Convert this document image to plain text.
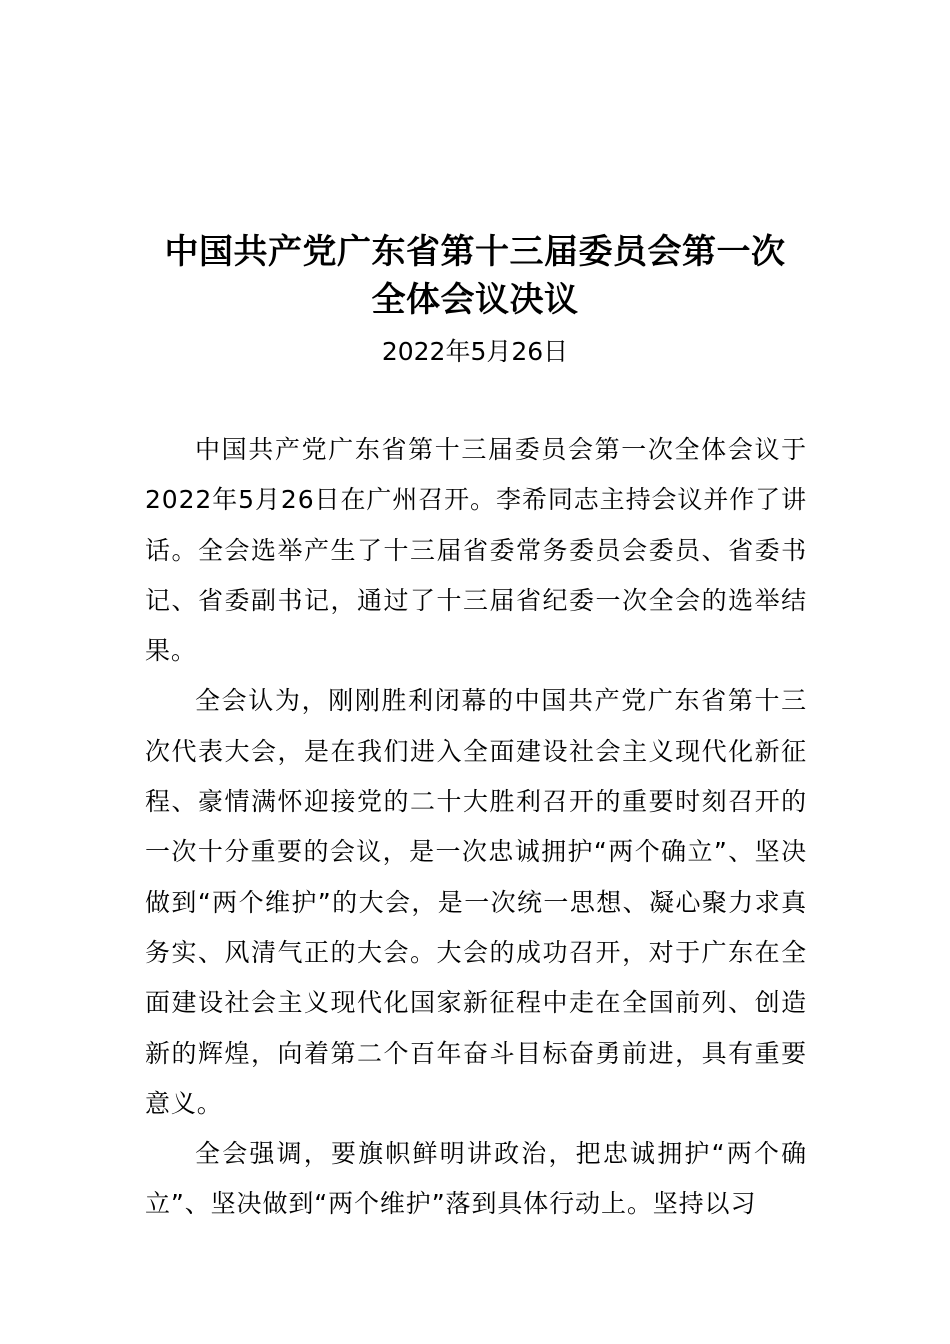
中国共产党广东省第十三届委员会第一次
全体会议决议
2022年5月26日

中国共产党广东省第十三届委员会第一次全体会议于2022年5月26日在广州召开。李希同志主持会议并作了讲话。全会选举产生了十三届省委常务委员会委员、省委书记、省委副书记，通过了十三届省纪委一次全会的选举结果。

全会认为，刚刚胜利闭幕的中国共产党广东省第十三次代表大会，是在我们进入全面建设社会主义现代化新征程、豪情满怀迎接党的二十大胜利召开的重要时刻召开的一次十分重要的会议，是一次忠诚拥护“两个确立”、坚决做到“两个维护”的大会，是一次统一思想、凝心聚力求真务实、风清气正的大会。大会的成功召开，对于广东在全面建设社会主义现代化国家新征程中走在全国前列、创造新的辉煌，向着第二个百年奋斗目标奋勇前进，具有重要意义。

全会强调，要旗帜鲜明讲政治，把忠诚拥护“两个确立”、坚决做到“两个维护”落到具体行动上。坚持以习
